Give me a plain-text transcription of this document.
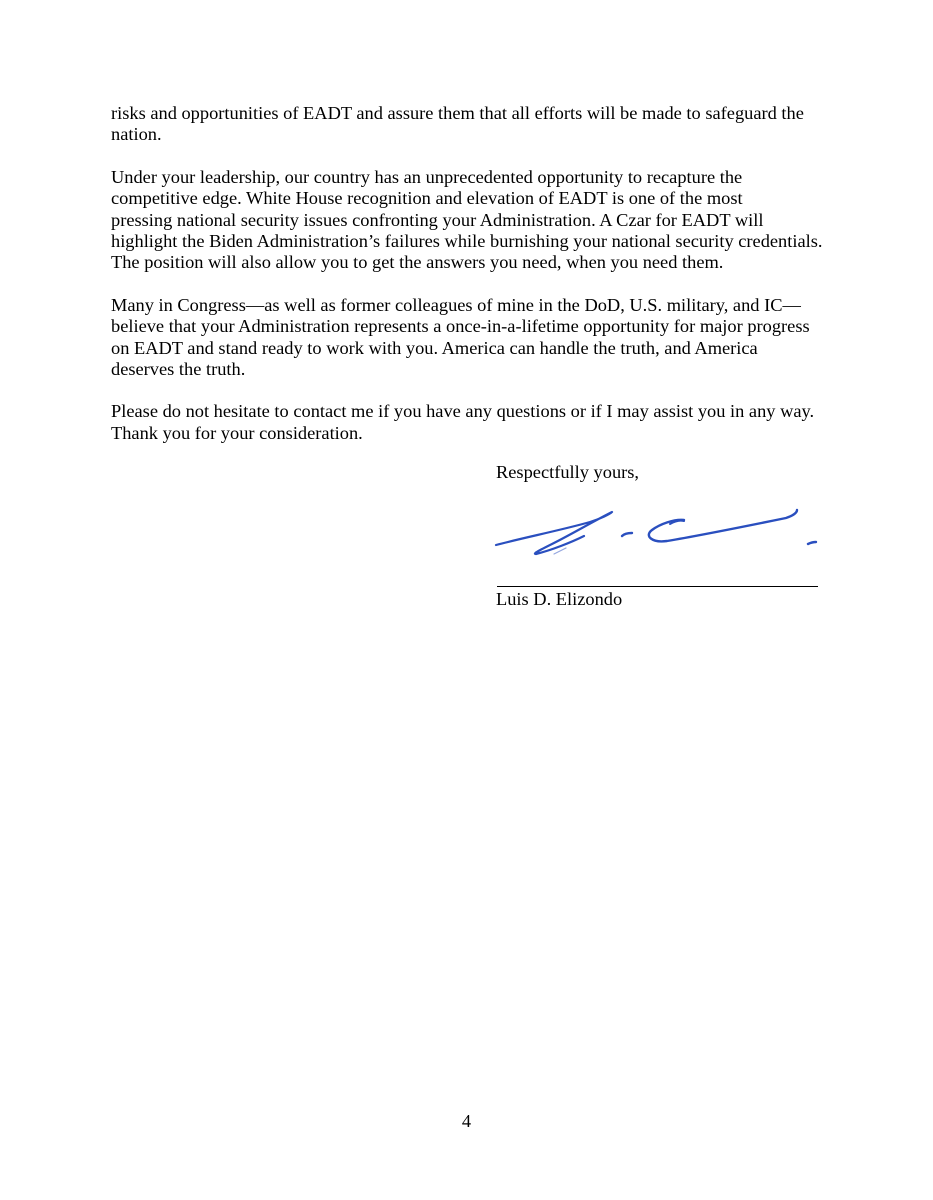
risks and opportunities of EADT and assure them that all efforts will be made to safeguard the
nation.

Under your leadership, our country has an unprecedented opportunity to recapture the
competitive edge. White House recognition and elevation of EADT is one of the most
pressing national security issues confronting your Administration. A Czar for EADT will
highlight the Biden Administration’s failures while burnishing your national security credentials.
The position will also allow you to get the answers you need, when you need them.

Many in Congress—as well as former colleagues of mine in the DoD, U.S. military, and IC—
believe that your Administration represents a once-in-a-lifetime opportunity for major progress
on EADT and stand ready to work with you. America can handle the truth, and America
deserves the truth.

Please do not hesitate to contact me if you have any questions or if I may assist you in any way.
Thank you for your consideration.

Respectfully yours,
Luis D. Elizondo
4
